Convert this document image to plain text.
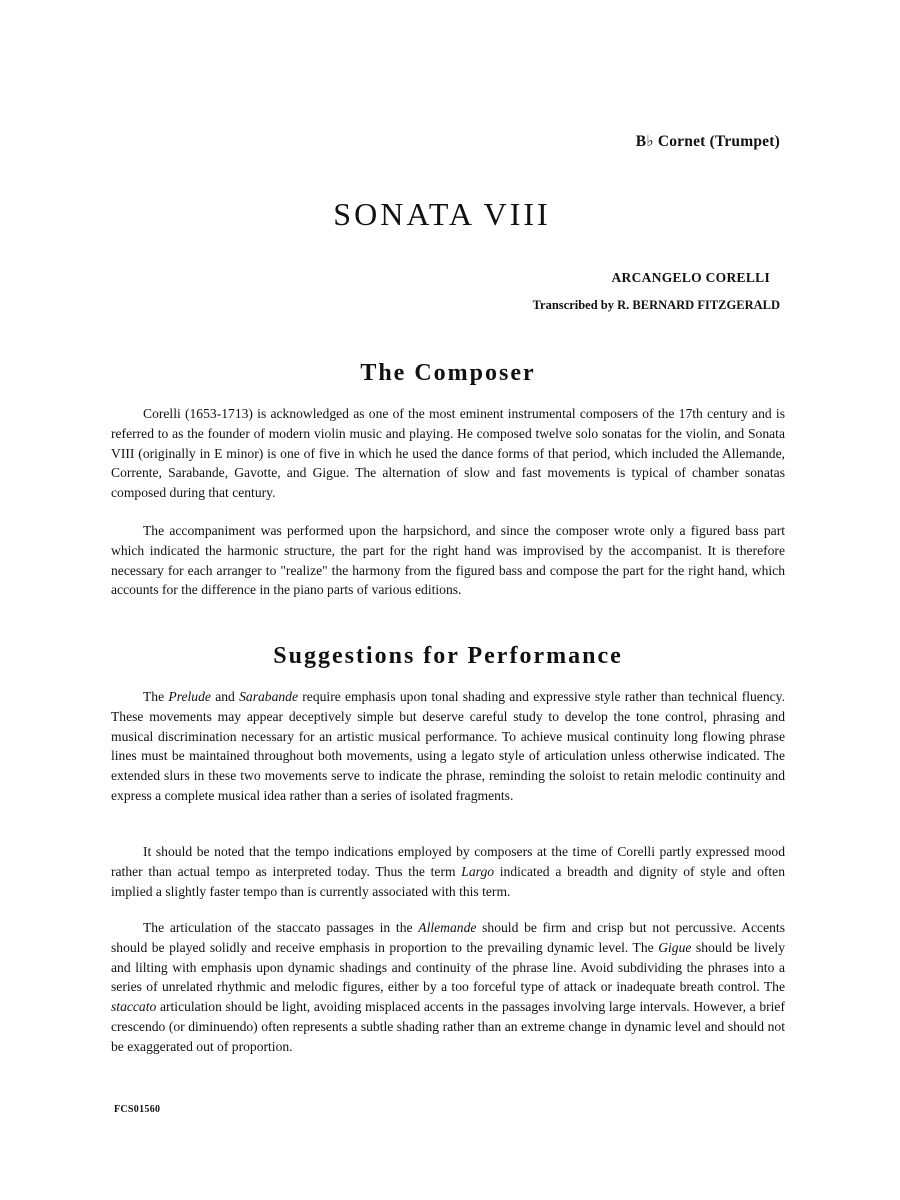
B♭ Cornet (Trumpet)
SONATA VIII
ARCANGELO CORELLI
Transcribed by R. BERNARD FITZGERALD
The Composer

Corelli (1653-1713) is acknowledged as one of the most eminent instrumental composers of the 17th century and is referred to as the founder of modern violin music and playing. He composed twelve solo sonatas for the violin, and Sonata VIII (originally in E minor) is one of five in which he used the dance forms of that period, which included the Allemande, Corrente, Sarabande, Gavotte, and Gigue. The alternation of slow and fast movements is typical of chamber sonatas composed during that century.

The accompaniment was performed upon the harpsichord, and since the composer wrote only a figured bass part which indicated the harmonic structure, the part for the right hand was improvised by the accompanist. It is therefore necessary for each arranger to "realize" the harmony from the figured bass and compose the part for the right hand, which accounts for the difference in the piano parts of various editions.

Suggestions for Performance

The Prelude and Sarabande require emphasis upon tonal shading and expressive style rather than technical fluency. These movements may appear deceptively simple but deserve careful study to develop the tone control, phrasing and musical discrimination necessary for an artistic musical performance. To achieve musical continuity long flowing phrase lines must be maintained throughout both movements, using a legato style of articulation unless otherwise indicated. The extended slurs in these two movements serve to indicate the phrase, reminding the soloist to retain melodic continuity and express a complete musical idea rather than a series of isolated fragments.

It should be noted that the tempo indications employed by composers at the time of Corelli partly expressed mood rather than actual tempo as interpreted today. Thus the term Largo indicated a breadth and dignity of style and often implied a slightly faster tempo than is currently associated with this term.

The articulation of the staccato passages in the Allemande should be firm and crisp but not percussive. Accents should be played solidly and receive emphasis in proportion to the prevailing dynamic level. The Gigue should be lively and lilting with emphasis upon dynamic shadings and continuity of the phrase line. Avoid subdividing the phrases into a series of unrelated rhythmic and melodic figures, either by a too forceful type of attack or inadequate breath control. The staccato articulation should be light, avoiding misplaced accents in the passages involving large intervals. However, a brief crescendo (or diminuendo) often represents a subtle shading rather than an extreme change in dynamic level and should not be exaggerated out of proportion.

FCS01560
